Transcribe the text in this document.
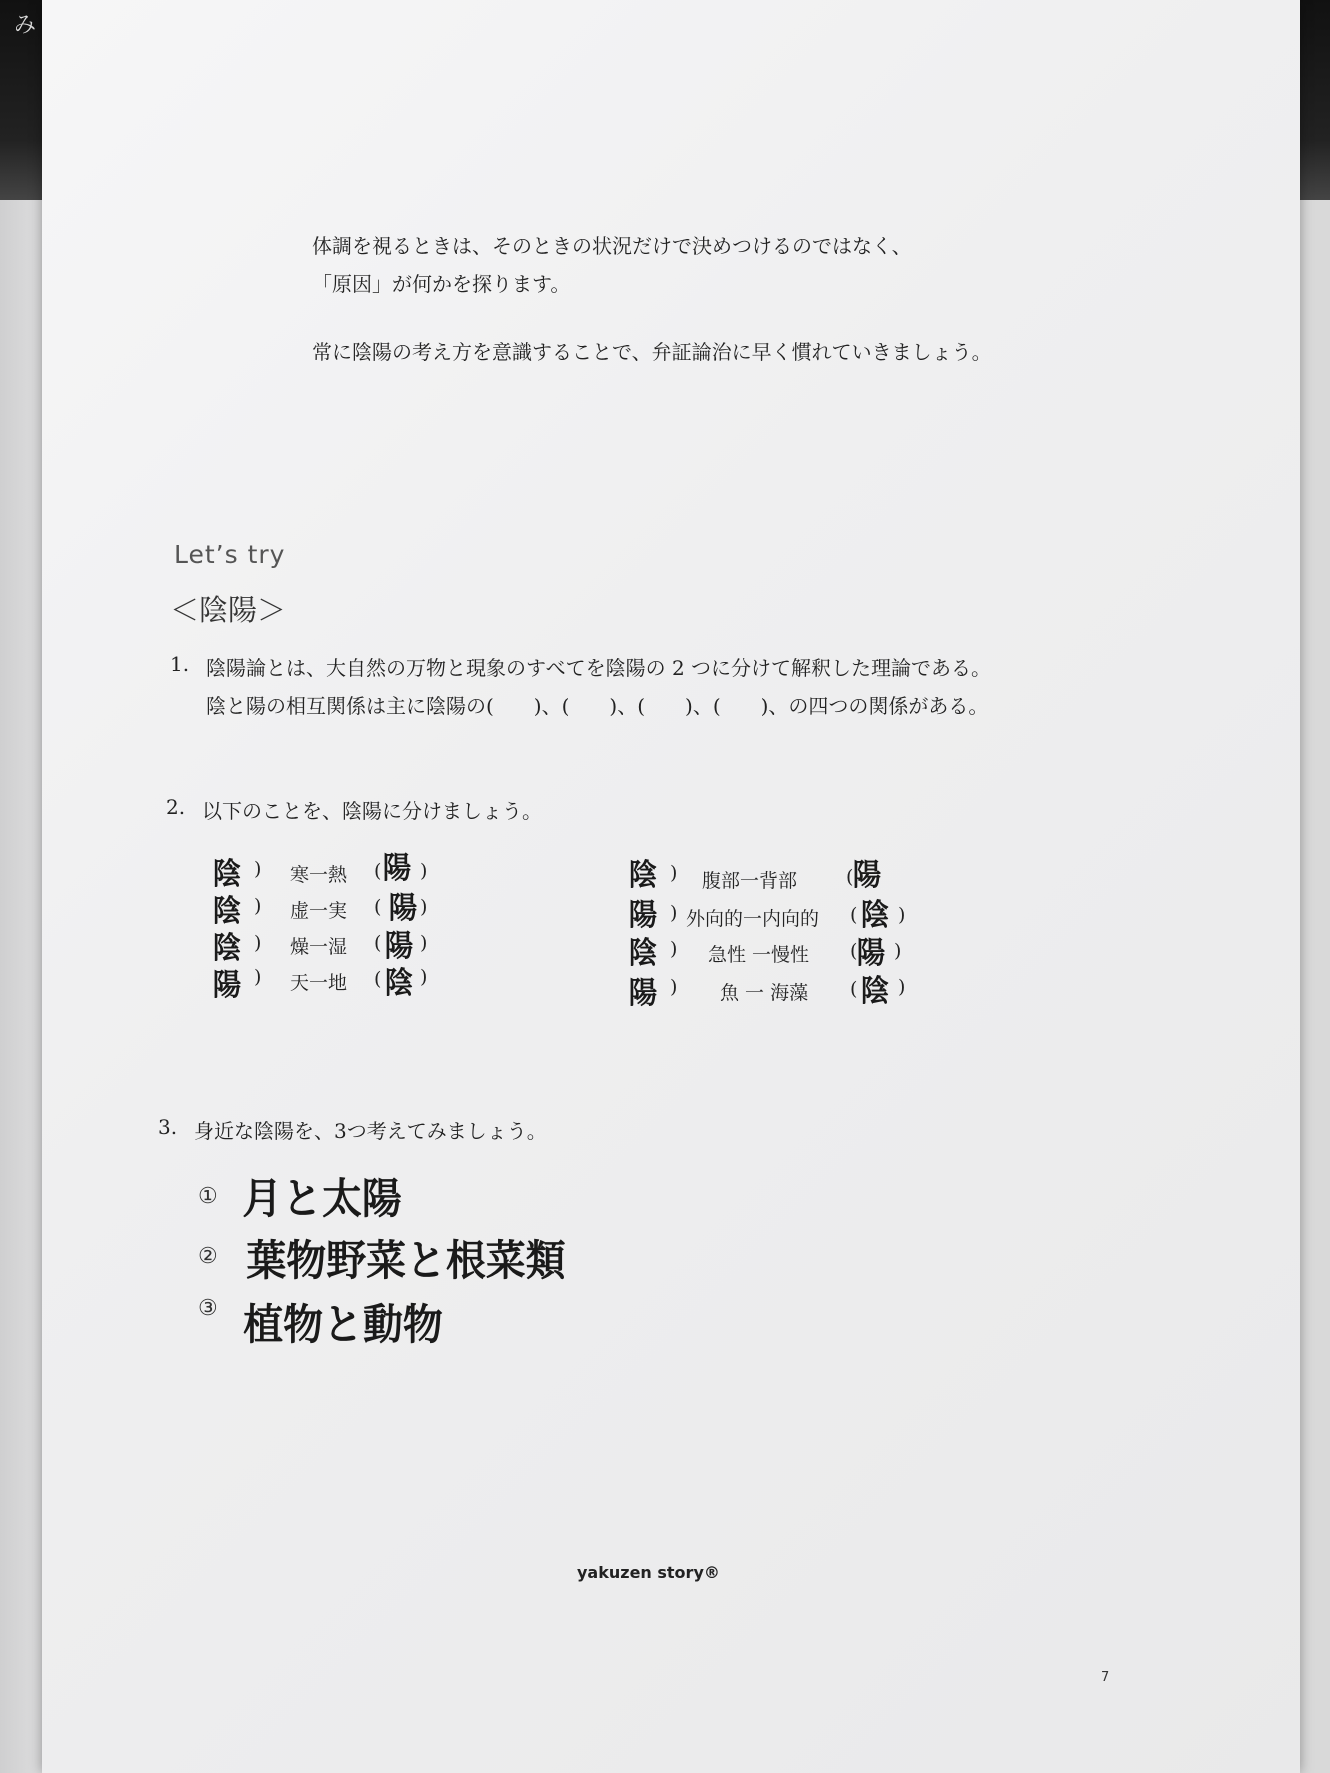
み
体調を視るときは、そのときの状況だけで決めつけるのではなく、
「原因」が何かを探ります。
常に陰陽の考え方を意識することで、弁証論治に早く慣れていきましょう。
Let’s try
＜陰陽＞
1. 陰陽論とは、大自然の万物と現象のすべてを陰陽の 2 つに分けて解釈した理論である。
陰と陽の相互関係は主に陰陽の(　　)、(　　)、(　　)、(　　)、の四つの関係がある。
2. 以下のことを、陰陽に分けましょう。
陰 ) 寒一熱 ( 陽 )
陰 ) 虚一実 ( 陽 )
陰 ) 燥一湿 ( 陽 )
陽 ) 天一地 ( 陰 )
陰 ) 腹部一背部	( 陽
陽 ) 外向的一内向的 ( 陰 )
陰 ) 急性 一慢性 ( 陽 )
陽 ) 魚 一 海藻 ( 陰 )
3. 身近な陰陽を、3つ考えてみましょう。
① 月と太陽
② 葉物野菜と根菜類
③ 植物と動物
yakuzen story®
7
